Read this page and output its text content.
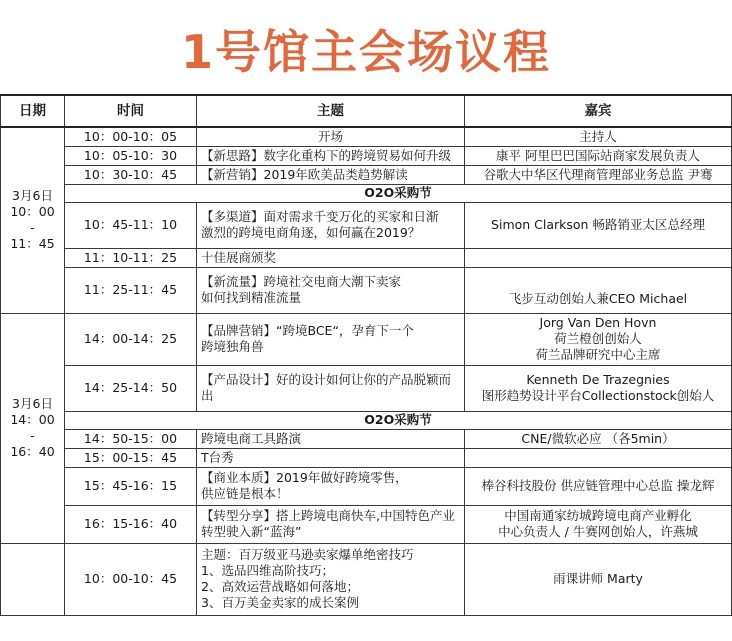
1号馆主会场议程
日期	时间	主题	嘉宾

3月6日
10：00
-
11：45	10：00-10：05	开场	主持人
	10：05-10：30	【新思路】数字化重构下的跨境贸易如何升级	康平 阿里巴巴国际站商家发展负责人
	10：30-10：45	【新营销】2019年欧美品类趋势解读	谷歌大中华区代理商管理部业务总监 尹骞
	O2O采购节		
	10：45-11：10	【多渠道】面对需求千变万化的买家和日渐
激烈的跨境电商角逐，如何赢在2019？	Simon Clarkson 畅路销亚太区总经理
	11：10-11：25	十佳展商颁奖	
	11：25-11：45	【新流量】跨境社交电商大潮下卖家
如何找到精准流量	飞步互动创始人兼CEO Michael

3月6日
14：00
-
16：40	14：00-14：25	【品牌营销】“跨境BCE“，孕育下一个
跨境独角兽	Jorg Van Den Hovn
荷兰橙创创始人
荷兰品牌研究中心主席

	14：25-14：50	【产品设计】好的设计如何让你的产品脱颖而
出	Kenneth De Trazegnies
图形趋势设计平台Collectionstock创始人

	O2O采购节		
	14：50-15：00	跨境电商工具路演	CNE/微软必应 （各5min）
	15：00-15：45	T台秀	
	15：45-16：15	【商业本质】2019年做好跨境零售，
供应链是根本！	棒谷科技股份 供应链管理中心总监 操龙辉
	16：15-16：40	【转型分享】搭上跨境电商快车,中国特色产业
转型驶入新“蓝海”	中国南通家纺城跨境电商产业孵化
中心负责人 / 牛赛网创始人，许燕城

	10：00-10：45	主题：百万级亚马逊卖家爆单绝密技巧
1、选品四维高阶技巧；
2、高效运营战略如何落地；
3、百万美金卖家的成长案例	雨课讲师 Marty
